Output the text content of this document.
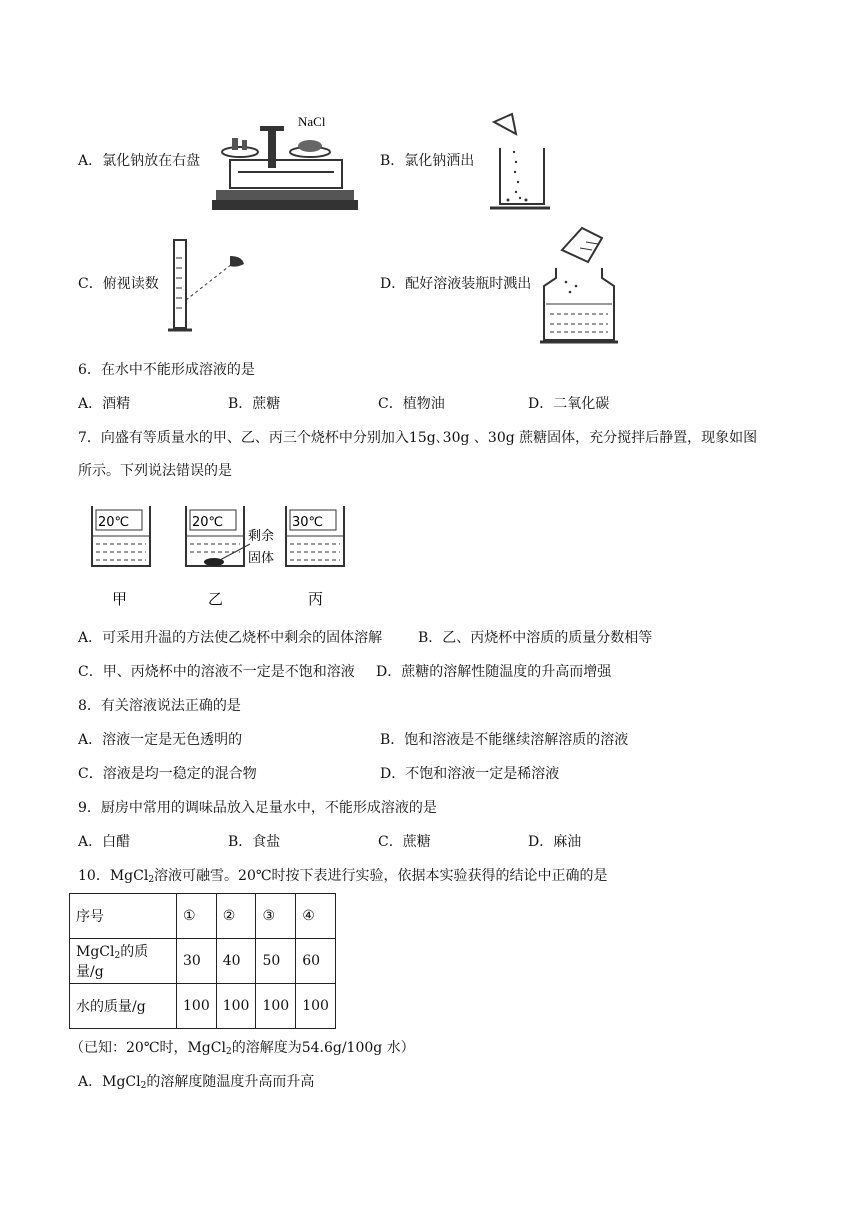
A．氯化钠放在右盘
NaCl
B．氯化钠洒出
C．俯视读数	D．配好溶液装瓶时溅出
6．在水中不能形成溶液的是
A．酒精	B．蔗糖	C．植物油	D．二氧化碳
7．向盛有等质量水的甲、乙、丙三个烧杯中分别加入15g､30g 、30g 蔗糖固体，充分搅拌后静置，现象如图
所示。下列说法错误的是
20℃
甲
20℃
剩余
固体
乙
30℃
丙
A．可采用升温的方法使乙烧杯中剩余的固体溶解	B．乙、丙烧杯中溶质的质量分数相等
C．甲、丙烧杯中的溶液不一定是不饱和溶液 D．蔗糖的溶解性随温度的升高而增强
8．有关溶液说法正确的是
A．溶液一定是无色透明的	B．饱和溶液是不能继续溶解溶质的溶液
C．溶液是均一稳定的混合物	D．不饱和溶液一定是稀溶液
9．厨房中常用的调味品放入足量水中，不能形成溶液的是
A．白醋	B．食盐	C．蔗糖	D．麻油
10．MgCl$_2$溶液可融雪。20℃时按下表进行实验，依据本实验获得的结论中正确的是
序号	①	②	③	④
MgCl$_2$的质量/g	30	40	50	60
水的质量/g	100	100	100	100
（已知：20℃时，MgCl$_2$的溶解度为54.6g/100g 水）
A．MgCl$_2$的溶解度随温度升高而升高
